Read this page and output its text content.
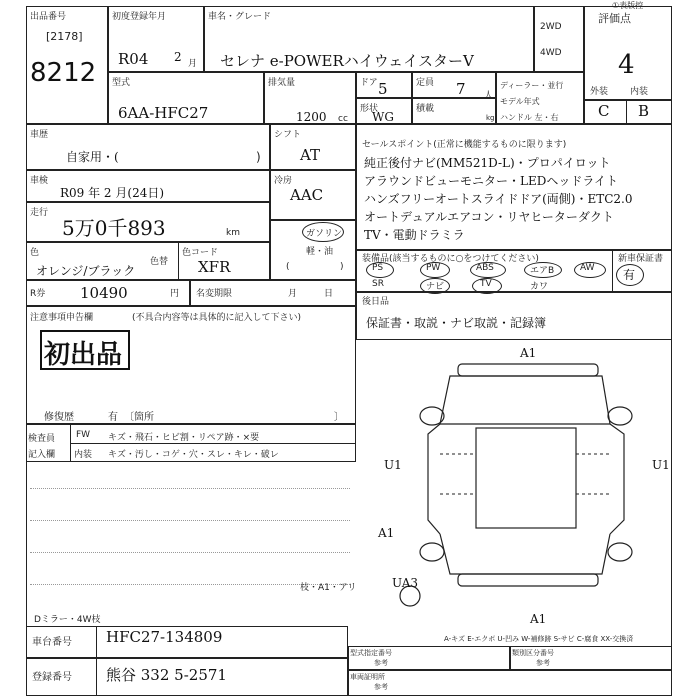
出品番号
[2178]
8212
初度登録年月
R04 2 月
車名・グレード
セレナ e-POWERハイウェイスターV
2WD
4WD
評価点
4
①表版控
型式
6AA-HFC27
排気量
1200 cc
ドア 5	定員 7 人
形状
WG
積載
kg
ディーラー・並行
モデル年式
ハンドル 左・右
外装 内装
C B
車歴
自家用・(	)
車検
R09 年 2 月(24日)
走行
5万0千893	km
色
オレンジ/ブラック
色替
色コード
XFR
R券 10490	円 名変期限	月	日
シフト
AT
冷房
AAC
ガソリン
軽・油
(	)
セールスポイント(正常に機能するものに限ります)
純正後付ナビ(MM521D-L)・プロパイロット
アラウンドビューモニター・LEDヘッドライト
ハンズフリーオートスライドドア(両側)・ETC2.0
オートデュアルエアコン・リヤヒーターダクト
TV・電動ドラミラ
装備品(該当するものに○をつけてください)	新車保証書
有
PS	PW	ABS	エアB	AW
SR	ナビ	TV	カワ
後日品
保証書・取説・ナビ取説・記録簿
注意事項申告欄	(不具合内容等は具体的に記入して下さい)
初出品
修復歴	有 〔箇所	〕
検査員
記入欄
FW
内装
キズ・飛石・ヒビ割・リペア跡・×要
キズ・汚し・コゲ・穴・スレ・キレ・破レ
A1
U1	U1
A1
UA3
A1
枝・A1・アリ
A-キズ E-エクボ U-凹み W-補修跡 S-サビ C-腐食 XX-交換済
Dミラー・4W枝
車台番号 HFC27-134809
登録番号 熊谷 332 5-2571
型式指定番号
参考
類別区分番号
参考
車両証明所
参考
